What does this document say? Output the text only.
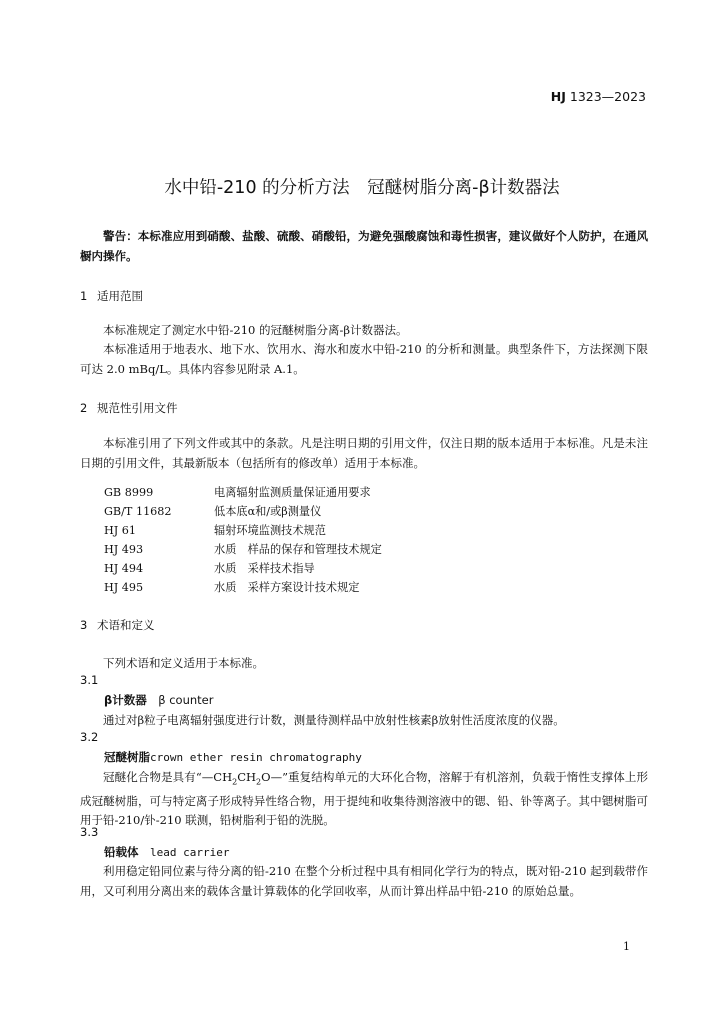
HJ 1323—2023
水中铅-210 的分析方法　冠醚树脂分离-β计数器法
警告：本标准应用到硝酸、盐酸、硫酸、硝酸铅，为避免强酸腐蚀和毒性损害，建议做好个人防护，在通风橱内操作。
1 适用范围
本标准规定了测定水中铅-210 的冠醚树脂分离-β计数器法。
本标准适用于地表水、地下水、饮用水、海水和废水中铅-210 的分析和测量。典型条件下，方法探测下限可达 2.0 mBq/L。具体内容参见附录 A.1。
2 规范性引用文件
本标准引用了下列文件或其中的条款。凡是注明日期的引用文件，仅注日期的版本适用于本标准。凡是未注日期的引用文件，其最新版本（包括所有的修改单）适用于本标准。
GB 8999	电离辐射监测质量保证通用要求
GB/T 11682	低本底α和/或β测量仪
HJ 61	辐射环境监测技术规范
HJ 493	水质　样品的保存和管理技术规定
HJ 494	水质　采样技术指导
HJ 495	水质　采样方案设计技术规定
3 术语和定义
下列术语和定义适用于本标准。
3.1
β计数器　 β counter
通过对β粒子电离辐射强度进行计数，测量待测样品中放射性核素β放射性活度浓度的仪器。
3.2
冠醚树脂crown ether resin chromatography
冠醚化合物是具有“$—CH_2CH_2O—$”重复结构单元的大环化合物，溶解于有机溶剂，负载于惰性支撑体上形成冠醚树脂，可与特定离子形成特异性络合物，用于提纯和收集待测溶液中的锶、铅、钋等离子。其中锶树脂可用于铅-210/钋-210 联测，铅树脂利于铅的洗脱。
3.3
铅载体　 lead carrier
利用稳定铅同位素与待分离的铅-210 在整个分析过程中具有相同化学行为的特点，既对铅-210 起到载带作用，又可利用分离出来的载体含量计算载体的化学回收率，从而计算出样品中铅-210 的原始总量。
1
